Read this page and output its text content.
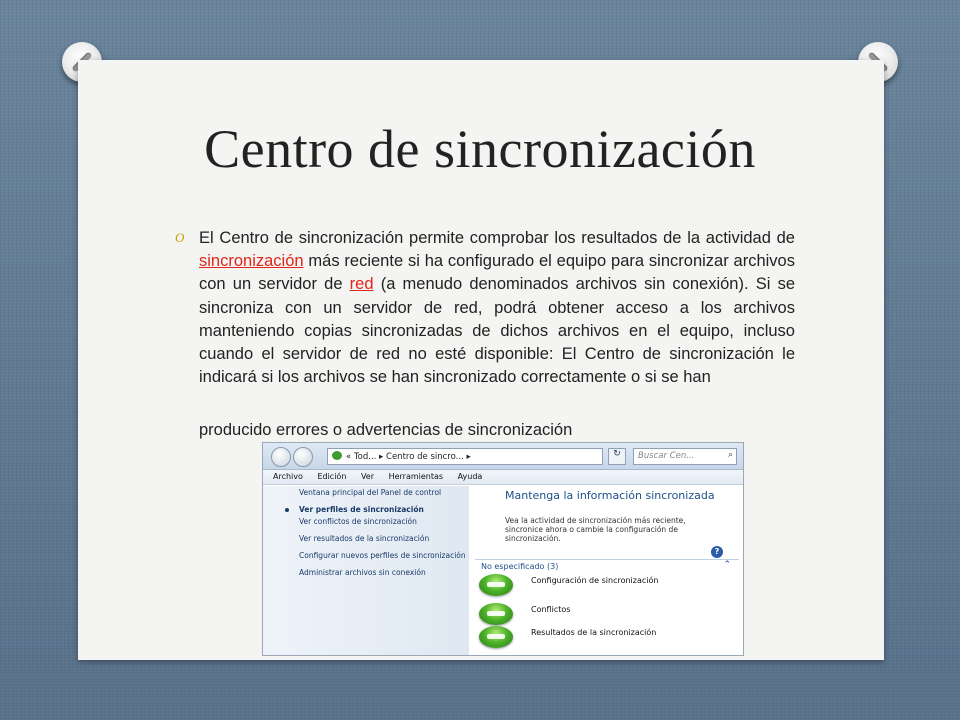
Centro de sincronización
O El Centro de sincronización permite comprobar los resultados de la actividad de sincronización más reciente si ha configurado el equipo para sincronizar archivos con un servidor de red (a menudo denominados archivos sin conexión). Si se sincroniza con un servidor de red, podrá obtener acceso a los archivos manteniendo copias sincronizadas de dichos archivos en el equipo, incluso cuando el servidor de red no esté disponible: El Centro de sincronización le indicará si los archivos se han sincronizado correctamente o si se han
producido errores o advertencias de sincronización
« Tod... ▸ Centro de sincro... ▸	↻	Buscar Cen...	⌕
Archivo Edición Ver Herramientas Ayuda
Ventana principal del Panel de control
Ver perfiles de sincronización
Ver conflictos de sincronización
Ver resultados de la sincronización
Configurar nuevos perfiles de sincronización
Administrar archivos sin conexión
Mantenga la información sincronizada
Vea la actividad de sincronización más reciente, sincronice ahora o cambie la configuración de sincronización.
?
No especificado (3)	⌃
Configuración de sincronización
Conflictos
Resultados de la sincronización
